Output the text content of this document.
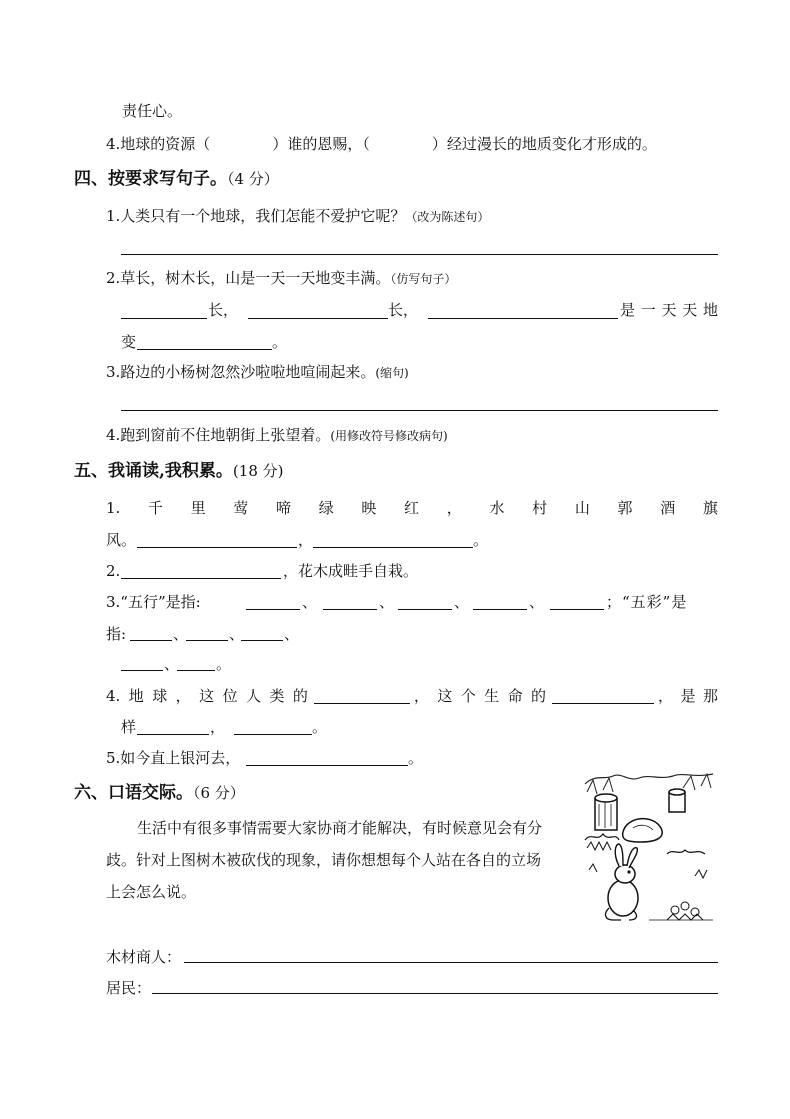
责任心。
4.地球的资源（	）谁的恩赐，（	）经过漫长的地质变化才形成的。
四、按要求写句子。（4 分）
1.人类只有一个地球，我们怎能不爱护它呢？（改为陈述句）
2.草长，树木长，山是一天一天地变丰满。（仿写句子）
长，	长，	是 一 天 天 地
变	。
3.路边的小杨树忽然沙啦啦地喧闹起来。(缩句)
4.跑到窗前不住地朝街上张望着。(用修改符号修改病句)
五、我诵读,我积累。(18 分)
1. 千 里 莺 啼 绿 映 红 ， 水 村 山 郭 酒 旗
风。	，	。
2.	，花木成畦手自栽。
3.“五行”是指:	、	、	、	、	；“五彩”是
指:	、	、	、
、 。
4. 地 球 ， 这 位 人 类 的	， 这 个 生 命 的	， 是 那
样	，	。
5.如今直上银河去，	。
六、口语交际。（6 分）
生活中有很多事情需要大家协商才能解决，有时候意见会有分
歧。针对上图树木被砍伐的现象，请你想想每个人站在各自的立场
上会怎么说。
木材商人：
居民：
